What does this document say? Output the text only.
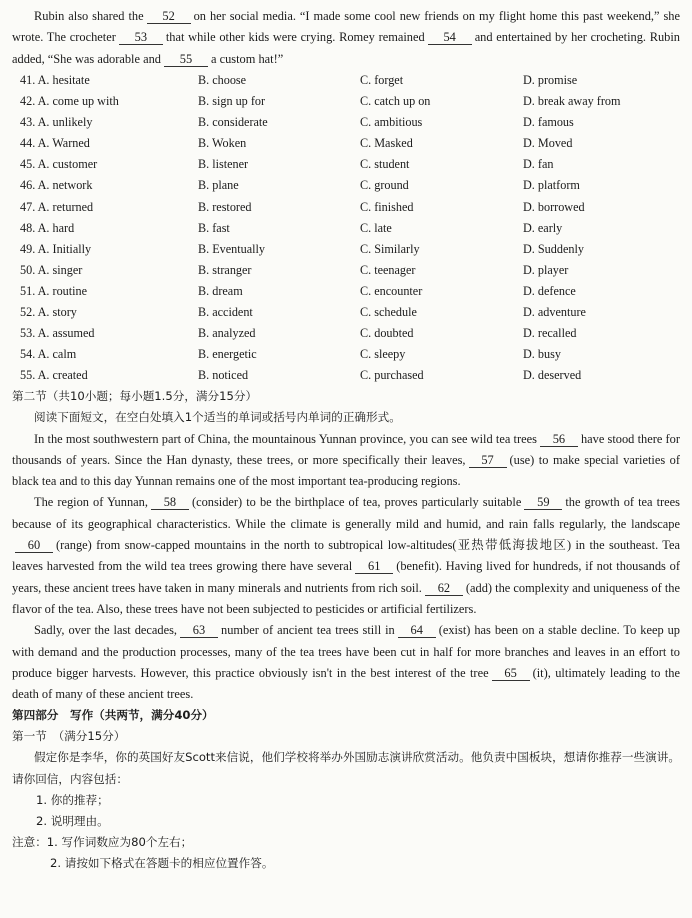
Rubin also shared the 52 on her social media. “I made some cool new friends on my flight home this past weekend,” she wrote. The crocheter 53 that while other kids were crying. Romey remained 54 and entertained by her crocheting. Rubin added, “She was adorable and 55 a custom hat!”

41. A. hesitate	B. choose	C. forget	D. promise
42. A. come up with	B. sign up for	C. catch up on	D. break away from
43. A. unlikely	B. considerate	C. ambitious	D. famous
44. A. Warned	B. Woken	C. Masked	D. Moved
45. A. customer	B. listener	C. student	D. fan
46. A. network	B. plane	C. ground	D. platform
47. A. returned	B. restored	C. finished	D. borrowed
48. A. hard	B. fast	C. late	D. early
49. A. Initially	B. Eventually	C. Similarly	D. Suddenly
50. A. singer	B. stranger	C. teenager	D. player
51. A. routine	B. dream	C. encounter	D. defence
52. A. story	B. accident	C. schedule	D. adventure
53. A. assumed	B. analyzed	C. doubted	D. recalled
54. A. calm	B. energetic	C. sleepy	D. busy
55. A. created	B. noticed	C. purchased	D. deserved

第二节（共10小题；每小题1.5分，满分15分）

阅读下面短文，在空白处填入1个适当的单词或括号内单词的正确形式。

In the most southwestern part of China, the mountainous Yunnan province, you can see wild tea trees 56 have stood there for thousands of years. Since the Han dynasty, these trees, or more specifically their leaves, 57 (use) to make special varieties of black tea and to this day Yunnan remains one of the most important tea-producing regions.

The region of Yunnan, 58 (consider) to be the birthplace of tea, proves particularly suitable 59 the growth of tea trees because of its geographical characteristics. While the climate is generally mild and humid, and rain falls regularly, the landscape60 (range) from snow-capped mountains in the north to subtropical low-altitudes(亚热带低海拔地区) in the southeast. Tea leaves harvested from the wild tea trees growing there have several 61 (benefit). Having lived for hundreds, if not thousands of years, these ancient trees have taken in many minerals and nutrients from rich soil. 62 (add) the complexity and uniqueness of the flavor of the tea. Also, these trees have not been subjected to pesticides or artificial fertilizers.

Sadly, over the last decades, 63 number of ancient tea trees still in 64 (exist) has been on a stable decline. To keep up with demand and the production processes, many of the tea trees have been cut in half for more branches and leaves in an effort to produce bigger harvests. However, this practice obviously isn't in the best interest of the tree 65 (it), ultimately leading to the death of many of these ancient trees.

第四部分　写作（共两节，满分40分）

第一节　（满分15分）

假定你是李华，你的英国好友Scott来信说，他们学校将举办外国励志演讲欣赏活动。他负责中国板块，想请你推荐一些演讲。请你回信，内容包括：

1. 你的推荐；

2. 说明理由。

注意：1. 写作词数应为80个左右；

2. 请按如下格式在答题卡的相应位置作答。
